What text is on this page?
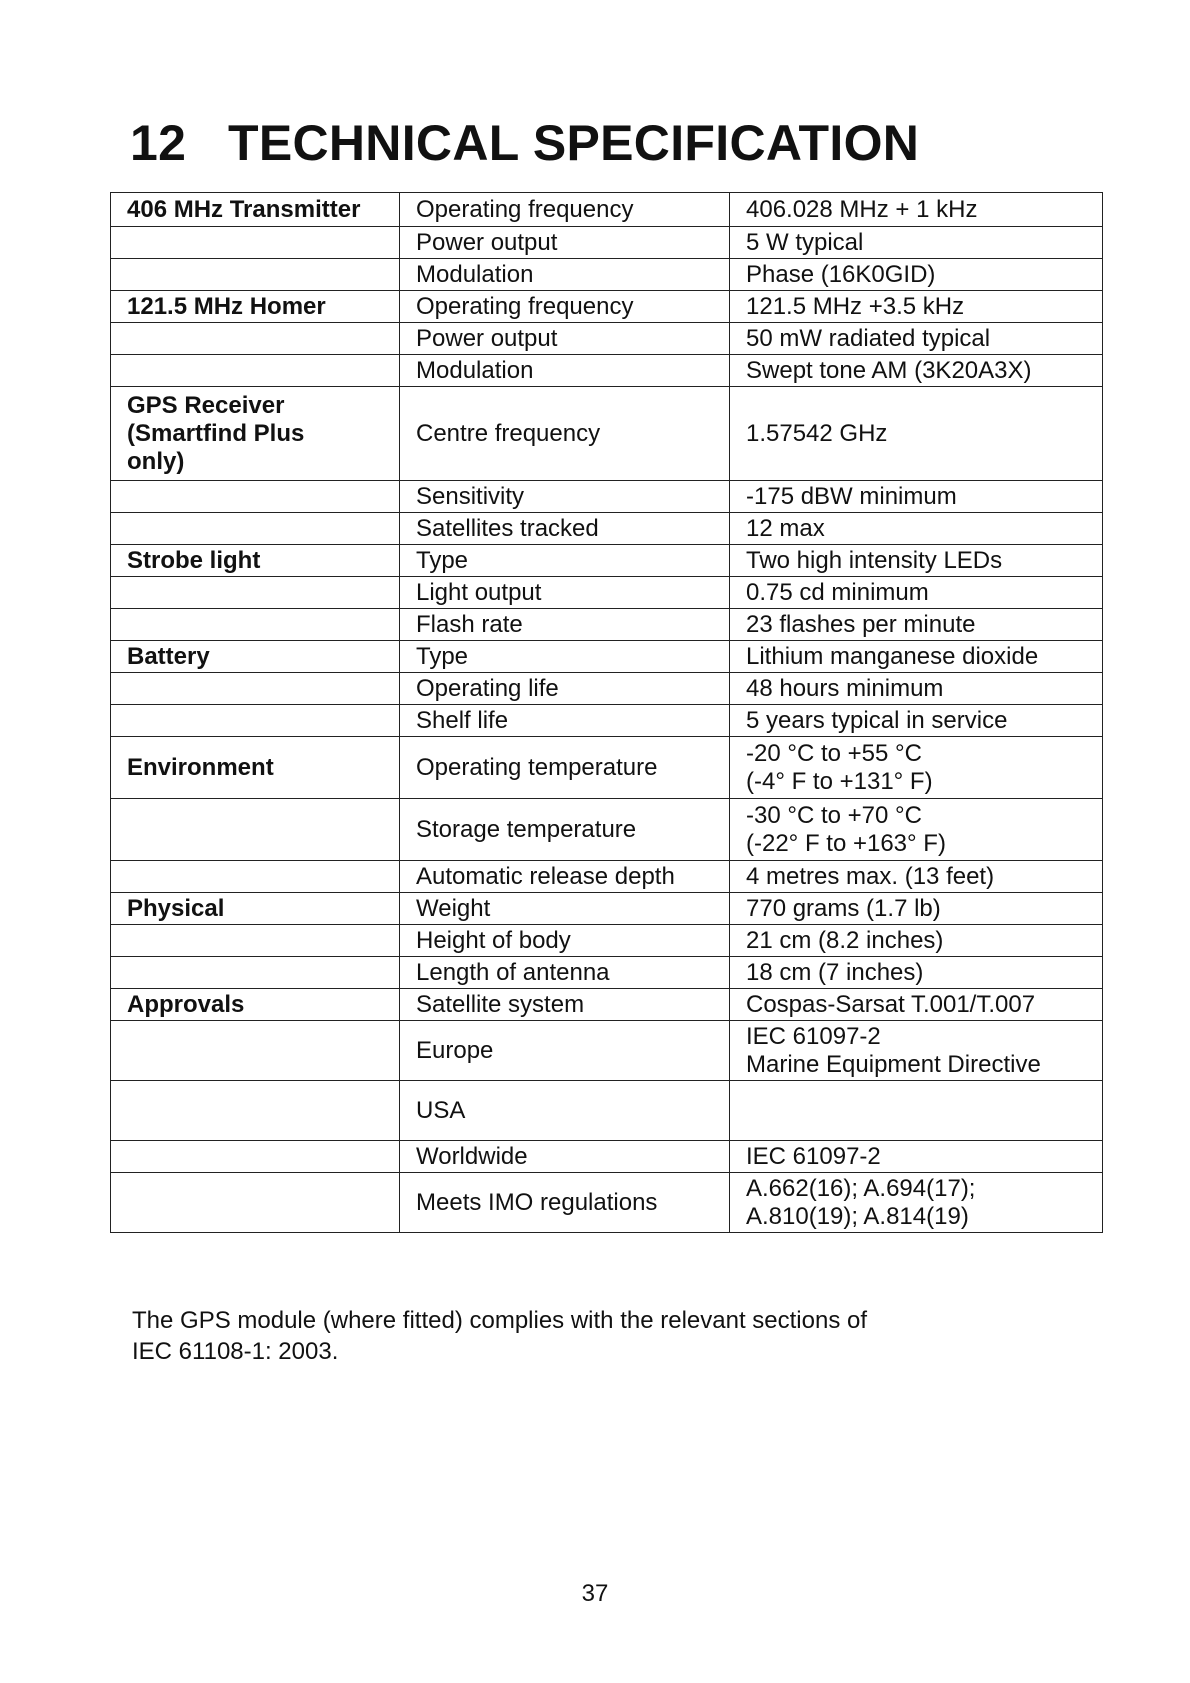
12 TECHNICAL SPECIFICATION
406 MHz Transmitter	Operating frequency	406.028 MHz + 1 kHz

	Power output	5 W typical

	Modulation	Phase (16K0GID)

121.5 MHz Homer	Operating frequency	121.5 MHz +3.5 kHz

	Power output	50 mW radiated typical

	Modulation	Swept tone AM (3K20A3X)

GPS Receiver
(Smartfind Plus
only)	Centre frequency	1.57542 GHz

	Sensitivity	-175 dBW minimum

	Satellites tracked	12 max

Strobe light	Type	Two high intensity LEDs

	Light output	0.75 cd minimum

	Flash rate	23 flashes per minute

Battery	Type	Lithium manganese dioxide

	Operating life	48 hours minimum

	Shelf life	5 years typical in service

Environment	Operating temperature	-20 °C to +55 °C
(-4° F to +131° F)

	Storage temperature	-30 °C to +70 °C
(-22° F to +163° F)

	Automatic release depth	4 metres max. (13 feet)

Physical	Weight	770 grams (1.7 lb)

	Height of body	21 cm (8.2 inches)

	Length of antenna	18 cm (7 inches)

Approvals	Satellite system	Cospas-Sarsat T.001/T.007

	Europe	IEC 61097-2
Marine Equipment Directive

	USA	

	Worldwide	IEC 61097-2

	Meets IMO regulations	A.662(16); A.694(17);
A.810(19); A.814(19)

The GPS module (where fitted) complies with the relevant sections of
IEC 61108-1: 2003.

37
